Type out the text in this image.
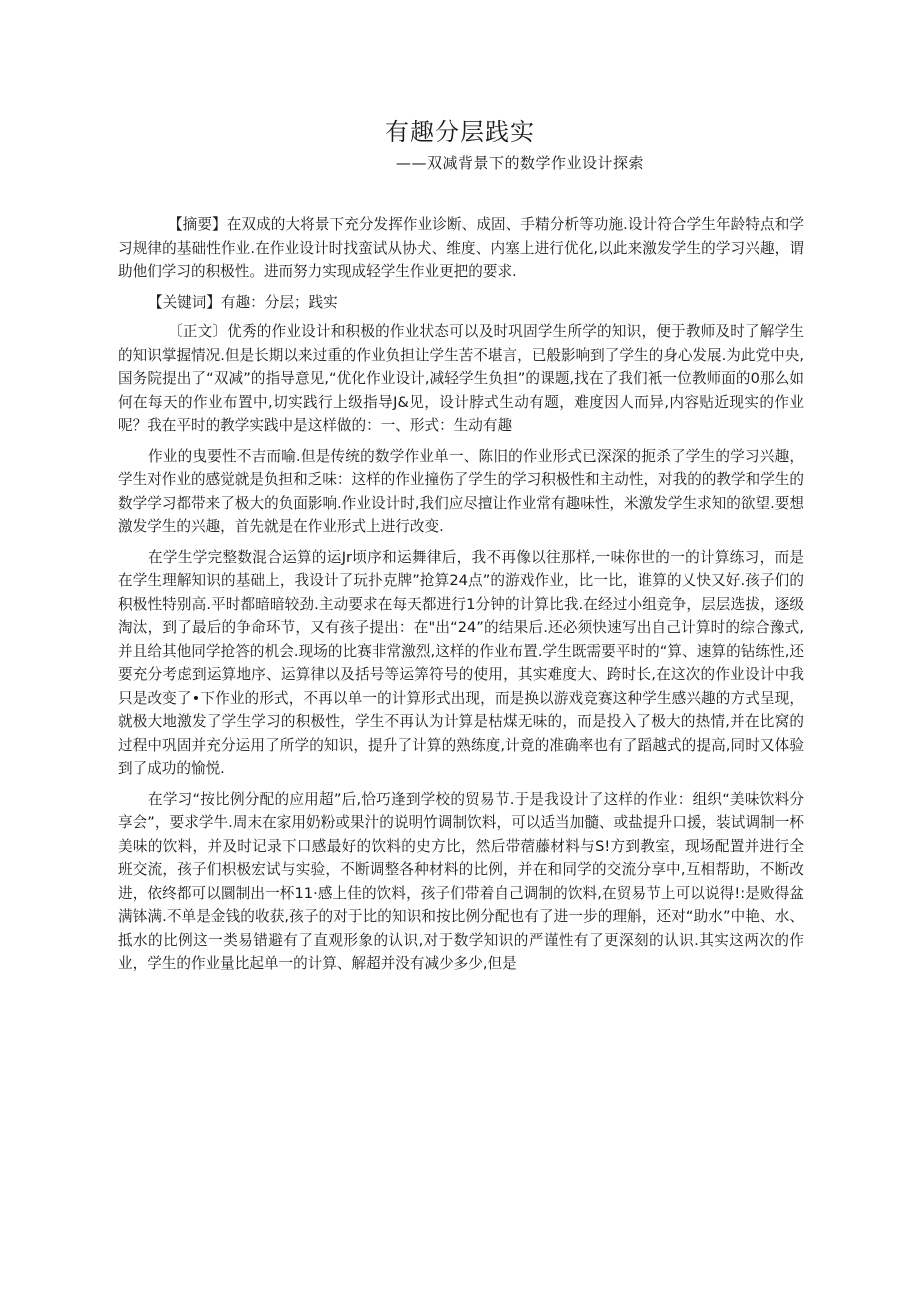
有趣分层践实
——双减背景下的数学作业设计探索

【摘要】在双成的大将景下充分发挥作业诊断、成固、手精分析等功施.设计符合学生年龄特点和学习规律的基础性作业.在作业设计时找蛮试从协犬、维度、内塞上进行优化,以此来激发学生的学习兴趣，谓助他们学习的积极性。进而努力实现成轻学生作业更把的要求.

【关键词】有趣：分层；践实

〔正文〕优秀的作业设计和积极的作业状态可以及时巩固学生所学的知识，便于教师及时了解学生的知识掌握情况.但是长期以来过重的作业负担让学生苦不堪言，已般影响到了学生的身心发展.为此党中央,国务院提出了“双减”的指导意见,“优化作业设计,减轻学生负担”的课题,找在了我们衹一位教师面的0那么如何在每天的作业布置中,切实践行上级指导J&见，设计脖式生动有题，难度因人而异,内容贴近现实的作业呢？我在平时的教学实践中是这样做的：一、形式：生动有趣

作业的曳要性不吉而喻.但是传统的数学作业单一、陈旧的作业形式已深深的扼杀了学生的学习兴趣，学生对作业的感觉就是负担和乏味：这样的作业撞伤了学生的学习积极性和主动性，对我的的教学和学生的数学学习都带来了极大的负面影响.作业设计时,我们应尽擅让作业常有趣味性，米激发学生求知的欲望.要想激发学生的兴趣，首先就是在作业形式上进行改变.

在学生学完整数混合运算的运Jr顷序和运舞律后，我不再像以往那样,一味你世的一的计算练习，而是在学生理解知识的基础上，我设计了玩扑克牌”抢算24点”的游戏作业，比一比，谁算的乂快又好.孩子们的积极性特别高.平时都暗暗较劲.主动要求在每天都进行1分钟的计算比我.在经过小组竞争，层层选拔，逐级淘汰，到了最后的争命环节，又有孩子提出：在"出“24”的结果后.还必须快速写出自己计算时的综合豫式,并且给其他同学抢答的机会.现场的比赛非常激烈,这样的作业布置.学生既需要平时的“算、速算的钻练性,还要充分考虑到运算地序、运算律以及括号等运筭符号的使用，其实难度大、跨时长,在这次的作业设计中我只是改变了•下作业的形式，不再以单一的计算形式出现，而是换以游戏竞赛这种学生感兴趣的方式呈现，就极大地激发了学生学习的积极性，学生不再认为计算是枯煤无味的，而是投入了极大的热情,并在比窝的过程中巩固并充分运用了所学的知识，提升了计算的熟练度,计竟的准确率也有了蹈越式的提高,同时又体验到了成功的愉悦.

在学习“按比例分配的应用超”后,恰巧逢到学校的贸易节.于是我设计了这样的作业：组织“美味饮料分享会”，要求学牛.周末在家用奶粉或果汁的说明竹调制饮料，可以适当加髓、或盐提升口援，装试调制一杯美味的饮料，并及时记录下口感最好的饮料的史方比，然后带蓿藤材料与S!方到教室，现场配置并进行全班交流，孩子们枳极宏试与实验，不断调整各种材料的比例，并在和同学的交流分享中,互相帮助，不断改进，依终都可以圜制出一杯11·感上佳的饮料，孩子们带着自己调制的饮料,在贸易节上可以说得!:是败得盆满钵满.不单是金钱的收获,孩子的对于比的知识和按比例分配也有了进一步的理斛，还对“助水”中艳、水、抵水的比例这一类易错避有了直观形象的认识,对于数学知识的严谨性有了更深刻的认识.其实这两次的作业，学生的作业量比起单一的计算、解超并没有减少多少,但是
